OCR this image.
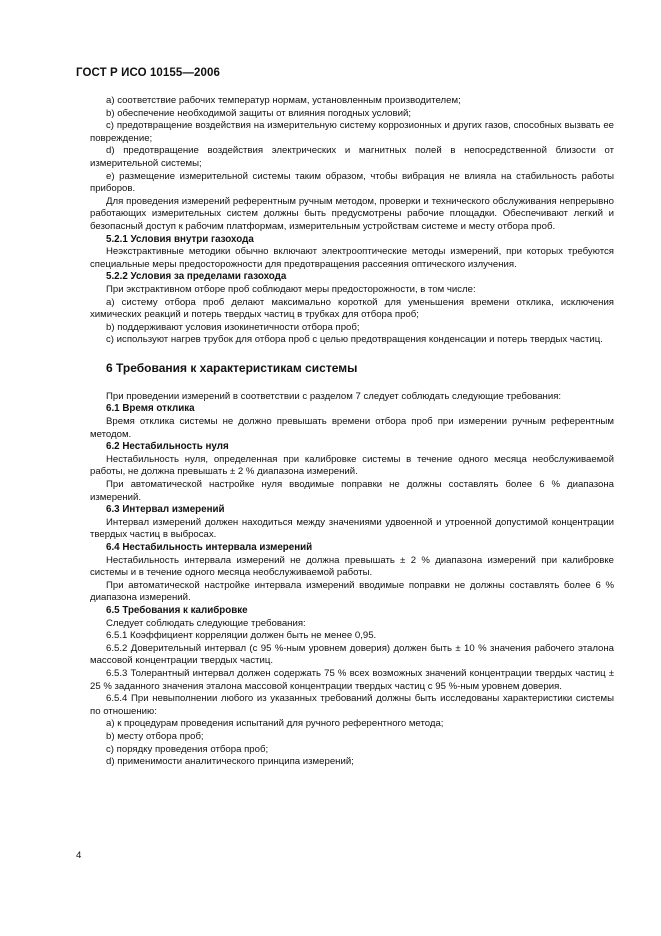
ГОСТ Р ИСО 10155—2006

a) соответствие рабочих температур нормам, установленным производителем;

b) обеспечение необходимой защиты от влияния погодных условий;

c) предотвращение воздействия на измерительную систему коррозионных и других газов, способных вызвать ее повреждение;

d) предотвращение воздействия электрических и магнитных полей в непосредственной близости от измерительной системы;

e) размещение измерительной системы таким образом, чтобы вибрация не влияла на стабильность работы приборов.

Для проведения измерений референтным ручным методом, проверки и технического обслуживания непрерывно работающих измерительных систем должны быть предусмотрены рабочие площадки. Обеспечивают легкий и безопасный доступ к рабочим платформам, измерительным устройствам системе и месту отбора проб.

5.2.1 Условия внутри газохода

Неэкстрактивные методики обычно включают электрооптические методы измерений, при которых требуются специальные меры предосторожности для предотвращения рассеяния оптического излучения.

5.2.2 Условия за пределами газохода

При экстрактивном отборе проб соблюдают меры предосторожности, в том числе:

a) систему отбора проб делают максимально короткой для уменьшения времени отклика, исключения химических реакций и потерь твердых частиц в трубках для отбора проб;

b) поддерживают условия изокинетичности отбора проб;

c) используют нагрев трубок для отбора проб с целью предотвращения конденсации и потерь твердых частиц.

6 Требования к характеристикам системы

При проведении измерений в соответствии с разделом 7 следует соблюдать следующие требования:

6.1 Время отклика

Время отклика системы не должно превышать времени отбора проб при измерении ручным референтным методом.

6.2 Нестабильность нуля

Нестабильность нуля, определенная при калибровке системы в течение одного месяца необслуживаемой работы, не должна превышать ± 2 % диапазона измерений.

При автоматической настройке нуля вводимые поправки не должны составлять более 6 % диапазона измерений.

6.3 Интервал измерений

Интервал измерений должен находиться между значениями удвоенной и утроенной допустимой концентрации твердых частиц в выбросах.

6.4 Нестабильность интервала измерений

Нестабильность интервала измерений не должна превышать ± 2 % диапазона измерений при калибровке системы и в течение одного месяца необслуживаемой работы.

При автоматической настройке интервала измерений вводимые поправки не должны составлять более 6 % диапазона измерений.

6.5 Требования к калибровке

Следует соблюдать следующие требования:

6.5.1 Коэффициент корреляции должен быть не менее 0,95.

6.5.2 Доверительный интервал (с 95 %-ным уровнем доверия) должен быть ± 10 % значения рабочего эталона массовой концентрации твердых частиц.

6.5.3 Толерантный интервал должен содержать 75 % всех возможных значений концентрации твердых частиц ± 25 % заданного значения эталона массовой концентрации твердых частиц с 95 %-ным уровнем доверия.

6.5.4 При невыполнении любого из указанных требований должны быть исследованы характеристики системы по отношению:

a) к процедурам проведения испытаний для ручного референтного метода;

b) месту отбора проб;

c) порядку проведения отбора проб;

d) применимости аналитического принципа измерений;

4
